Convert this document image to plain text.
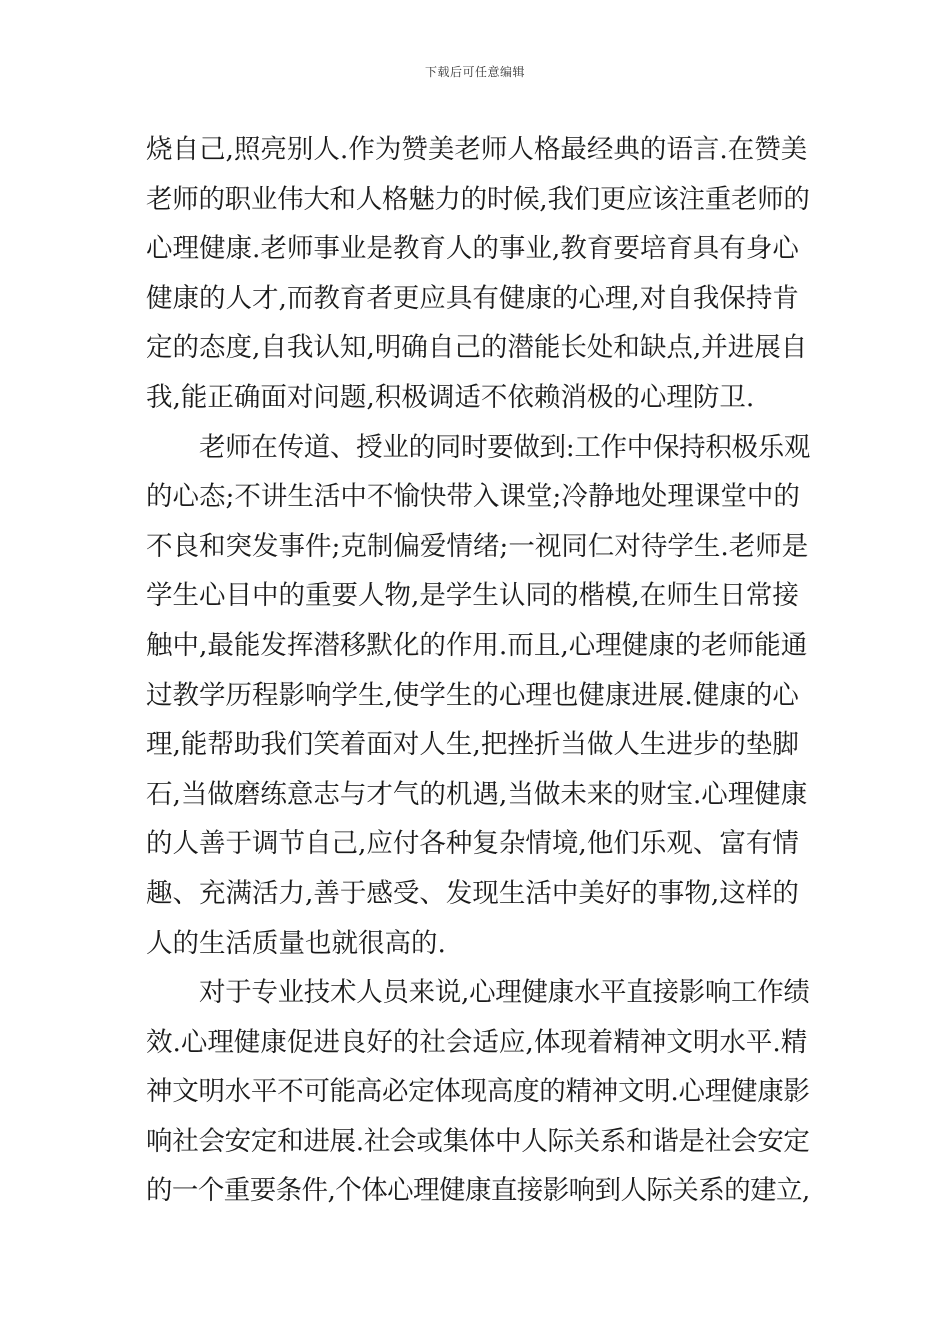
下载后可任意编辑
烧自己,照亮别人.作为赞美老师人格最经典的语言.在赞美
老师的职业伟大和人格魅力的时候,我们更应该注重老师的
心理健康.老师事业是教育人的事业,教育要培育具有身心
健康的人才,而教育者更应具有健康的心理,对自我保持肯
定的态度,自我认知,明确自己的潜能长处和缺点,并进展自
我,能正确面对问题,积极调适不依赖消极的心理防卫.
老师在传道、授业的同时要做到:工作中保持积极乐观
的心态;不讲生活中不愉快带入课堂;冷静地处理课堂中的
不良和突发事件;克制偏爱情绪;一视同仁对待学生.老师是
学生心目中的重要人物,是学生认同的楷模,在师生日常接
触中,最能发挥潜移默化的作用.而且,心理健康的老师能通
过教学历程影响学生,使学生的心理也健康进展.健康的心
理,能帮助我们笑着面对人生,把挫折当做人生进步的垫脚
石,当做磨练意志与才气的机遇,当做未来的财宝.心理健康
的人善于调节自己,应付各种复杂情境,他们乐观、富有情
趣、充满活力,善于感受、发现生活中美好的事物,这样的
人的生活质量也就很高的.
对于专业技术人员来说,心理健康水平直接影响工作绩
效.心理健康促进良好的社会适应,体现着精神文明水平.精
神文明水平不可能高必定体现高度的精神文明.心理健康影
响社会安定和进展.社会或集体中人际关系和谐是社会安定
的一个重要条件,个体心理健康直接影响到人际关系的建立,
